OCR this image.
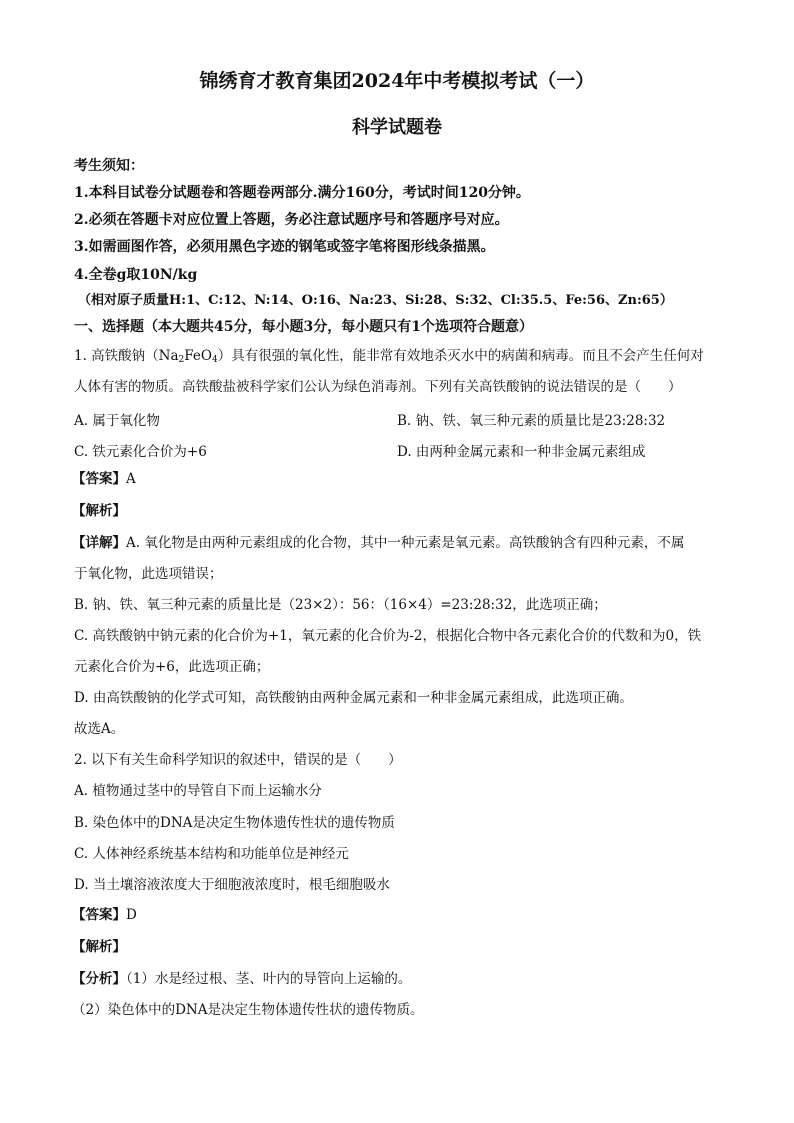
锦绣育才教育集团2024年中考模拟考试（一）
科学试题卷
考生须知：
1.本科目试卷分试题卷和答题卷两部分.满分160分，考试时间120分钟。
2.必须在答题卡对应位置上答题，务必注意试题序号和答题序号对应。
3.如需画图作答，必须用黑色字迹的钢笔或签字笔将图形线条描黑。
4.全卷g取10N/kg
（相对原子质量H:1、C:12、N:14、O:16、Na:23、Si:28、S:32、Cl:35.5、Fe:56、Zn:65）
一、选择题（本大题共45分，每小题3分，每小题只有1个选项符合题意）
1. 高铁酸钠$(Na_2FeO_4)$具有很强的氧化性，能非常有效地杀灭水中的病菌和病毒。而且不会产生任何对
人体有害的物质。高铁酸盐被科学家们公认为绿色消毒剂。下列有关高铁酸钠的说法错误的是（　　）
A. 属于氧化物	B. 钠、铁、氧三种元素的质量比是23:28:32
C. 铁元素化合价为+6	D. 由两种金属元素和一种非金属元素组成
【答案】A
【解析】
【详解】A. 氧化物是由两种元素组成的化合物，其中一种元素是氧元素。高铁酸钠含有四种元素，不属
于氧化物，此选项错误；
B. 钠、铁、氧三种元素的质量比是（23×2）：56：（16×4）=23:28:32，此选项正确；
C. 高铁酸钠中钠元素的化合价为+1，氧元素的化合价为-2，根据化合物中各元素化合价的代数和为0，铁
元素化合价为+6，此选项正确；
D. 由高铁酸钠的化学式可知，高铁酸钠由两种金属元素和一种非金属元素组成，此选项正确。
故选A。
2. 以下有关生命科学知识的叙述中，错误的是（　　）
A. 植物通过茎中的导管自下而上运输水分
B. 染色体中的DNA是决定生物体遗传性状的遗传物质
C. 人体神经系统基本结构和功能单位是神经元
D. 当土壤溶液浓度大于细胞液浓度时，根毛细胞吸水
【答案】D
【解析】
【分析】（1）水是经过根、茎、叶内的导管向上运输的。
（2）染色体中的DNA是决定生物体遗传性状的遗传物质。
